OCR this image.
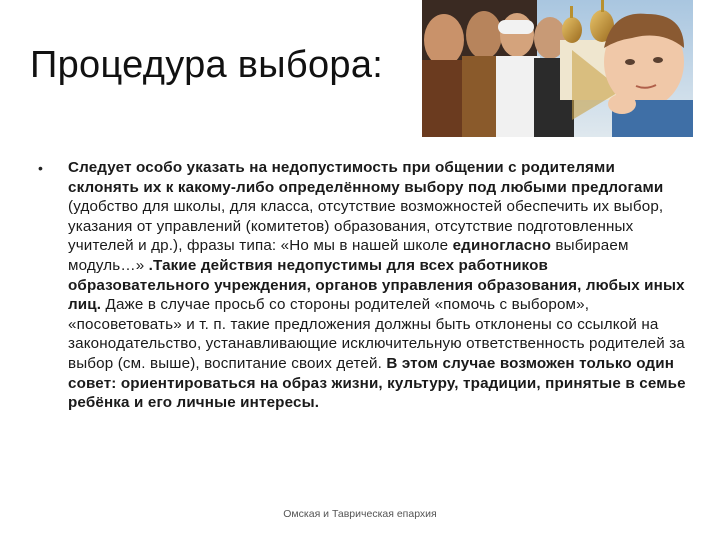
Процедура выбора:
• Следует особо указать на недопустимость при общении с родителями склонять их к какому-либо определённому выбору под любыми предлогами (удобство для школы, для класса, отсутствие возможностей обеспечить их выбор, указания от управлений (комитетов) образования, отсутствие подготовленных учителей и др.), фразы типа: «Но мы в нашей школе единогласно выбираем модуль…» .Такие действия недопустимы для всех работников образовательного учреждения, органов управления образования, любых иных лиц. Даже в случае просьб со стороны родителей «помочь с выбором», «посоветовать» и т. п. такие предложения должны быть отклонены со ссылкой на законодательство, устанавливающие исключительную ответственность родителей за выбор (см. выше), воспитание своих детей. В этом случае возможен только один совет: ориентироваться на образ жизни, культуру, традиции, принятые в семье ребёнка и его личные интересы.

Омская и Таврическая епархия
